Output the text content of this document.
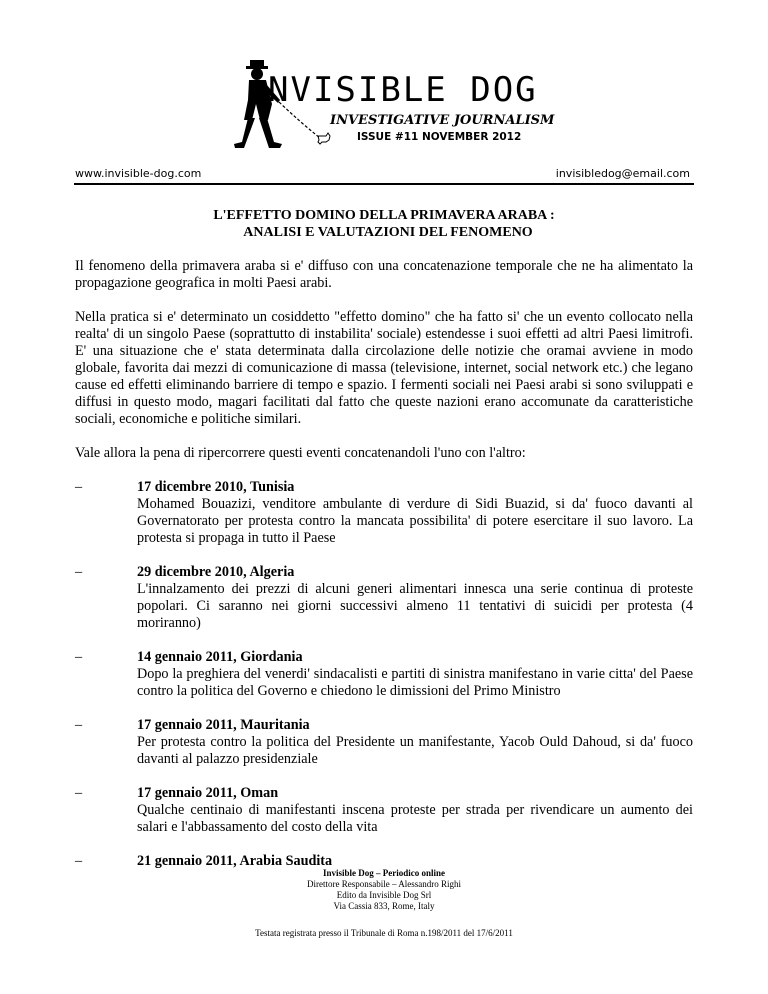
NVISIBLE DOG
INVESTIGATIVE JOURNALISM
ISSUE #11 NOVEMBER 2012
www.invisible-dog.com	invisibledog@email.com
L'EFFETTO DOMINO DELLA PRIMAVERA ARABA :
ANALISI E VALUTAZIONI DEL FENOMENO

Il fenomeno della primavera araba si e' diffuso con una concatenazione temporale che ne ha alimentato la propagazione geografica in molti Paesi arabi.

Nella pratica si e' determinato un cosiddetto "effetto domino" che ha fatto si' che un evento collocato nella realta' di un singolo Paese (soprattutto di instabilita' sociale) estendesse i suoi effetti ad altri Paesi limitrofi. E' una situazione che e' stata determinata dalla circolazione delle notizie che oramai avviene in modo globale, favorita dai mezzi di comunicazione di massa (televisione, internet, social network etc.) che legano cause ed effetti eliminando barriere di tempo e spazio. I fermenti sociali nei Paesi arabi si sono sviluppati e diffusi in questo modo, magari facilitati dal fatto che queste nazioni erano accomunate da caratteristiche sociali, economiche e politiche similari.

Vale allora la pena di ripercorrere questi eventi concatenandoli l'uno con l'altro:

–	17 dicembre 2010, Tunisia
Mohamed Bouazizi, venditore ambulante di verdure di Sidi Buazid, si da' fuoco davanti al Governatorato per protesta contro la mancata possibilita' di potere esercitare il suo lavoro. La protesta si propaga in tutto il Paese
–	29 dicembre 2010, Algeria
L'innalzamento dei prezzi di alcuni generi alimentari innesca una serie continua di proteste popolari. Ci saranno nei giorni successivi almeno 11 tentativi di suicidi per protesta (4 moriranno)
–	14 gennaio 2011, Giordania
Dopo la preghiera del venerdi' sindacalisti e partiti di sinistra manifestano in varie citta' del Paese contro la politica del Governo e chiedono le dimissioni del Primo Ministro
–	17 gennaio 2011, Mauritania
Per protesta contro la politica del Presidente un manifestante, Yacob Ould Dahoud, si da' fuoco davanti al palazzo presidenziale
–	17 gennaio 2011, Oman
Qualche centinaio di manifestanti inscena proteste per strada per rivendicare un aumento dei salari e l'abbassamento del costo della vita
–	21 gennaio 2011, Arabia Saudita
Invisible Dog – Periodico online
Direttore Responsabile – Alessandro Righi
Edito da Invisible Dog Srl
Via Cassia 833, Rome, Italy
Testata registrata presso il Tribunale di Roma n.198/2011 del 17/6/2011
